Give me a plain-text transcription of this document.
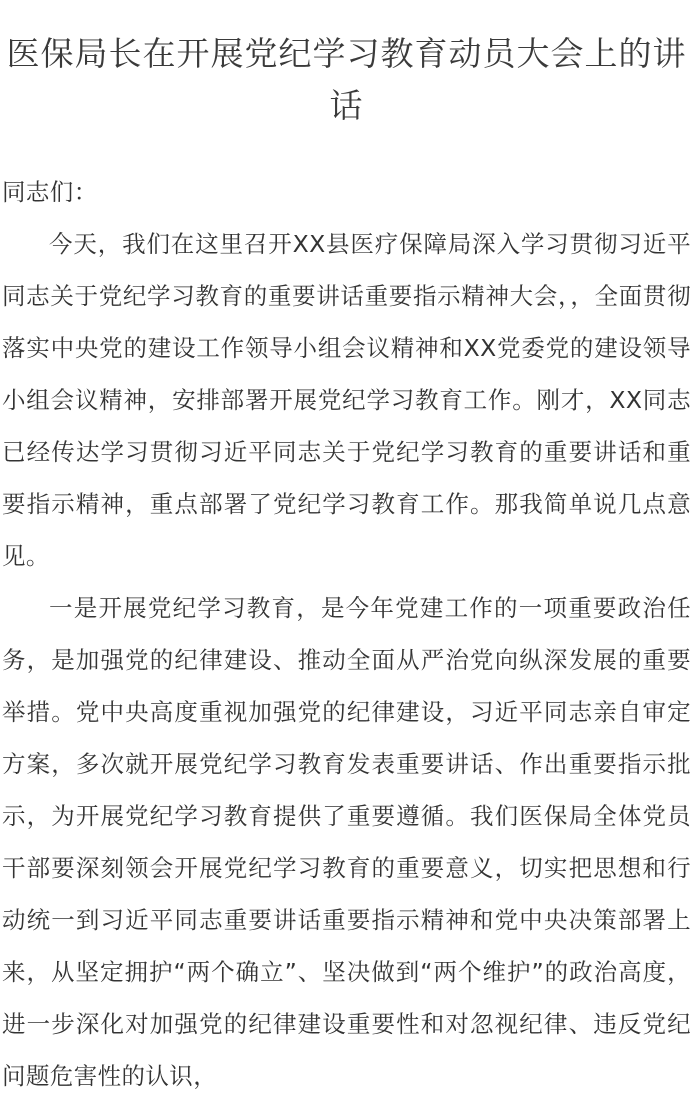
医保局长在开展党纪学习教育动员大会上的讲话

同志们：

今天，我们在这里召开XX县医疗保障局深入学习贯彻习近平同志关于党纪学习教育的重要讲话重要指示精神大会，，全面贯彻落实中央党的建设工作领导小组会议精神和XX党委党的建设领导小组会议精神，安排部署开展党纪学习教育工作。刚才，XX同志已经传达学习贯彻习近平同志关于党纪学习教育的重要讲话和重要指示精神，重点部署了党纪学习教育工作。那我简单说几点意见。

一是开展党纪学习教育，是今年党建工作的一项重要政治任务，是加强党的纪律建设、推动全面从严治党向纵深发展的重要举措。党中央高度重视加强党的纪律建设，习近平同志亲自审定方案，多次就开展党纪学习教育发表重要讲话、作出重要指示批示，为开展党纪学习教育提供了重要遵循。我们医保局全体党员干部要深刻领会开展党纪学习教育的重要意义，切实把思想和行动统一到习近平同志重要讲话重要指示精神和党中央决策部署上来，从坚定拥护“两个确立”、坚决做到“两个维护”的政治高度，进一步深化对加强党的纪律建设重要性和对忽视纪律、违反党纪问题危害性的认识，
